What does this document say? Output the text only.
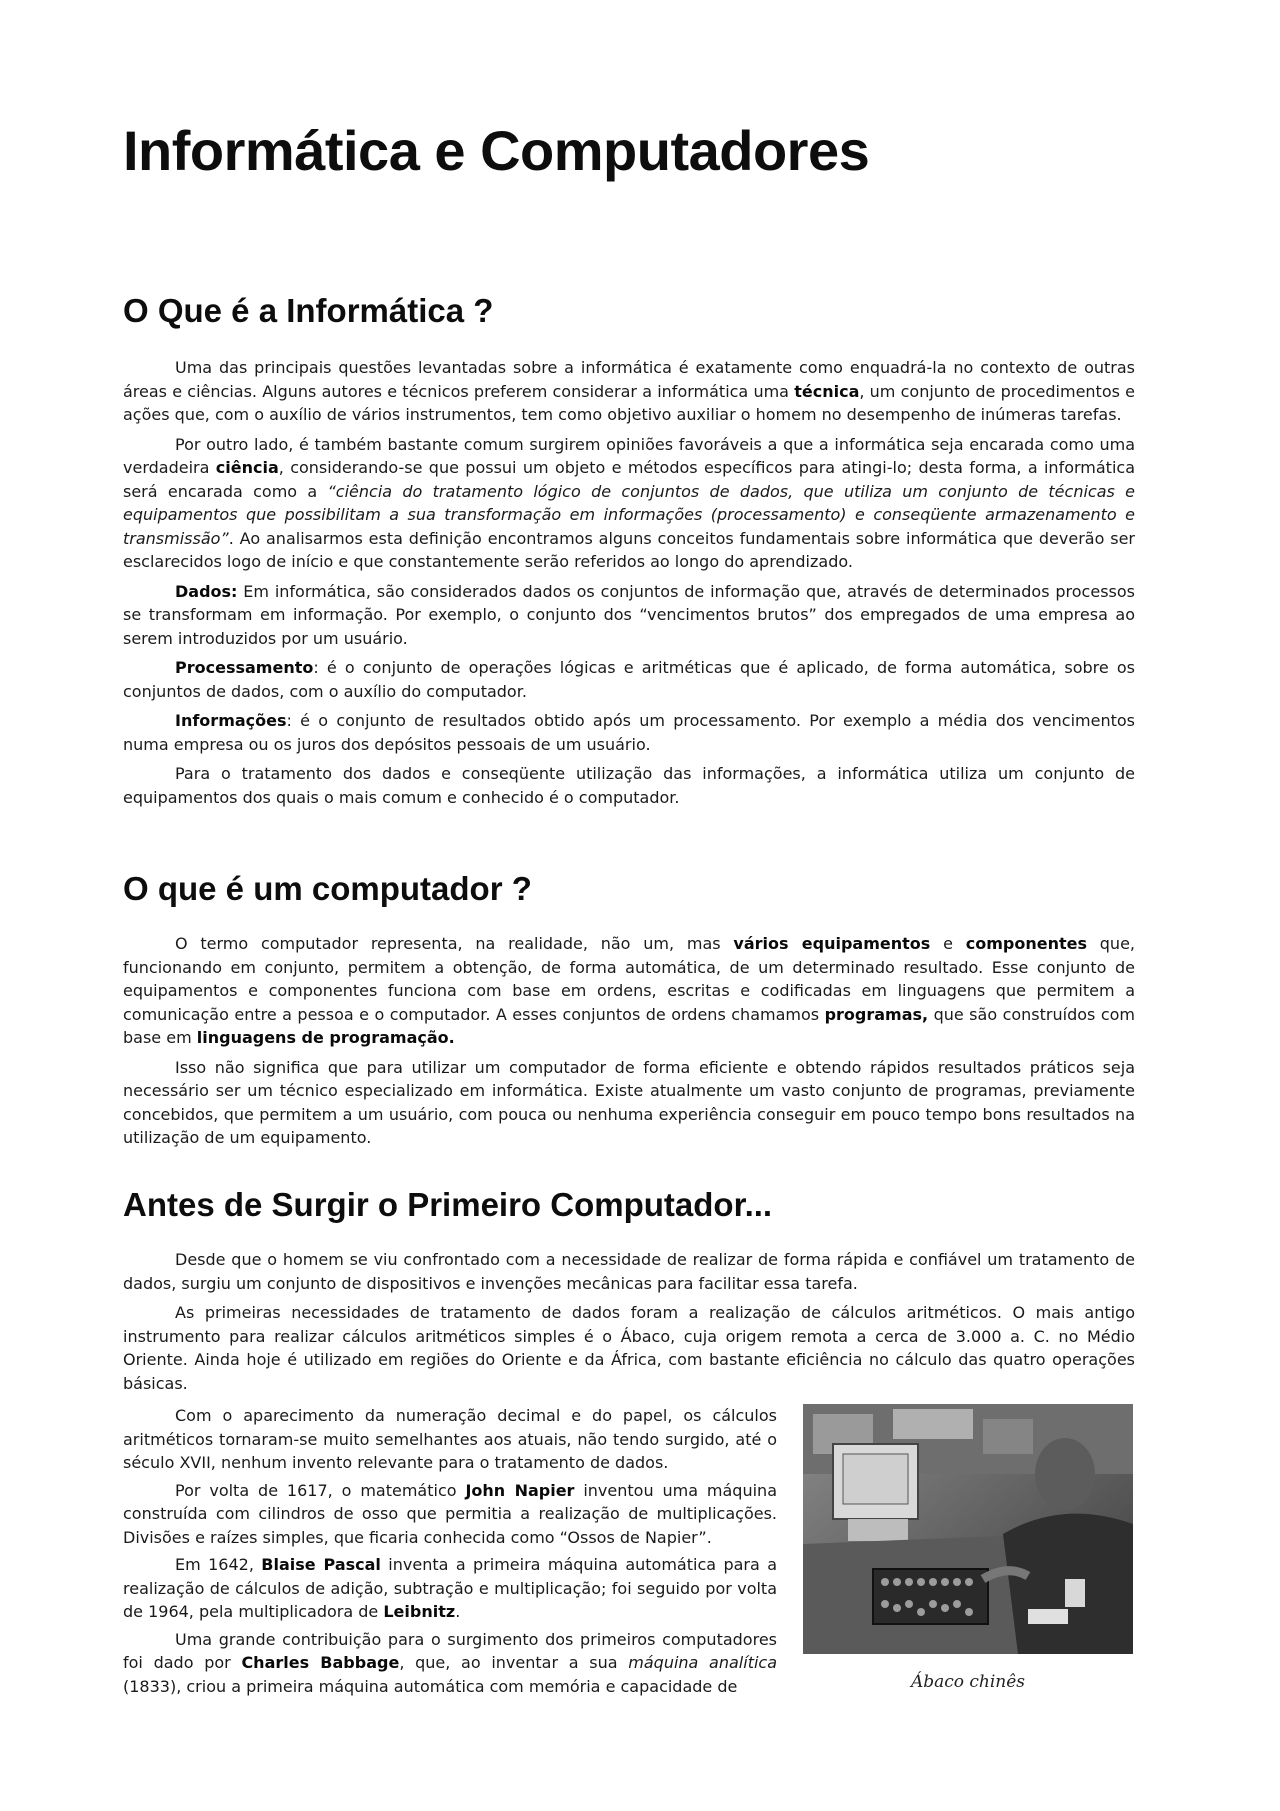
Informática e Computadores
O Que é a Informática ?

Uma das principais questões levantadas sobre a informática é exatamente como enquadrá-la no contexto de outras áreas e ciências. Alguns autores e técnicos preferem considerar a informática uma técnica, um conjunto de procedimentos e ações que, com o auxílio de vários instrumentos, tem como objetivo auxiliar o homem no desempenho de inúmeras tarefas.

Por outro lado, é também bastante comum surgirem opiniões favoráveis a que a informática seja encarada como uma verdadeira ciência, considerando-se que possui um objeto e métodos específicos para atingi-lo; desta forma, a informática será encarada como a “ciência do tratamento lógico de conjuntos de dados, que utiliza um conjunto de técnicas e equipamentos que possibilitam a sua transformação em informações (processamento) e conseqüente armazenamento e transmissão”. Ao analisarmos esta definição encontramos alguns conceitos fundamentais sobre informática que deverão ser esclarecidos logo de início e que constantemente serão referidos ao longo do aprendizado.

Dados: Em informática, são considerados dados os conjuntos de informação que, através de determinados processos se transformam em informação. Por exemplo, o conjunto dos “vencimentos brutos” dos empregados de uma empresa ao serem introduzidos por um usuário.

Processamento: é o conjunto de operações lógicas e aritméticas que é aplicado, de forma automática, sobre os conjuntos de dados, com o auxílio do computador.

Informações: é o conjunto de resultados obtido após um processamento. Por exemplo a média dos vencimentos numa empresa ou os juros dos depósitos pessoais de um usuário.

Para o tratamento dos dados e conseqüente utilização das informações, a informática utiliza um conjunto de equipamentos dos quais o mais comum e conhecido é o computador.

O que é um computador ?

O termo computador representa, na realidade, não um, mas vários equipamentos e componentes que, funcionando em conjunto, permitem a obtenção, de forma automática, de um determinado resultado. Esse conjunto de equipamentos e componentes funciona com base em ordens, escritas e codificadas em linguagens que permitem a comunicação entre a pessoa e o computador. A esses conjuntos de ordens chamamos programas, que são construídos com base em linguagens de programação.

Isso não significa que para utilizar um computador de forma eficiente e obtendo rápidos resultados práticos seja necessário ser um técnico especializado em informática. Existe atualmente um vasto conjunto de programas, previamente concebidos, que permitem a um usuário, com pouca ou nenhuma experiência conseguir em pouco tempo bons resultados na utilização de um equipamento.

Antes de Surgir o Primeiro Computador...

Desde que o homem se viu confrontado com a necessidade de realizar de forma rápida e confiável um tratamento de dados, surgiu um conjunto de dispositivos e invenções mecânicas para facilitar essa tarefa.

As primeiras necessidades de tratamento de dados foram a realização de cálculos aritméticos. O mais antigo instrumento para realizar cálculos aritméticos simples é o Ábaco, cuja origem remota a cerca de 3.000 a. C. no Médio Oriente. Ainda hoje é utilizado em regiões do Oriente e da África, com bastante eficiência no cálculo das quatro operações básicas.

Com o aparecimento da numeração decimal e do papel, os cálculos aritméticos tornaram-se muito semelhantes aos atuais, não tendo surgido, até o século XVII, nenhum invento relevante para o tratamento de dados.

Por volta de 1617, o matemático John Napier inventou uma máquina construída com cilindros de osso que permitia a realização de multiplicações. Divisões e raízes simples, que ficaria conhecida como “Ossos de Napier”.

Em 1642, Blaise Pascal inventa a primeira máquina automática para a realização de cálculos de adição, subtração e multiplicação; foi seguido por volta de 1964, pela multiplicadora de Leibnitz.

Uma grande contribuição para o surgimento dos primeiros computadores foi dado por Charles Babbage, que, ao inventar a sua máquina analítica (1833), criou a primeira máquina automática com memória e capacidade de	Ábaco chinês
